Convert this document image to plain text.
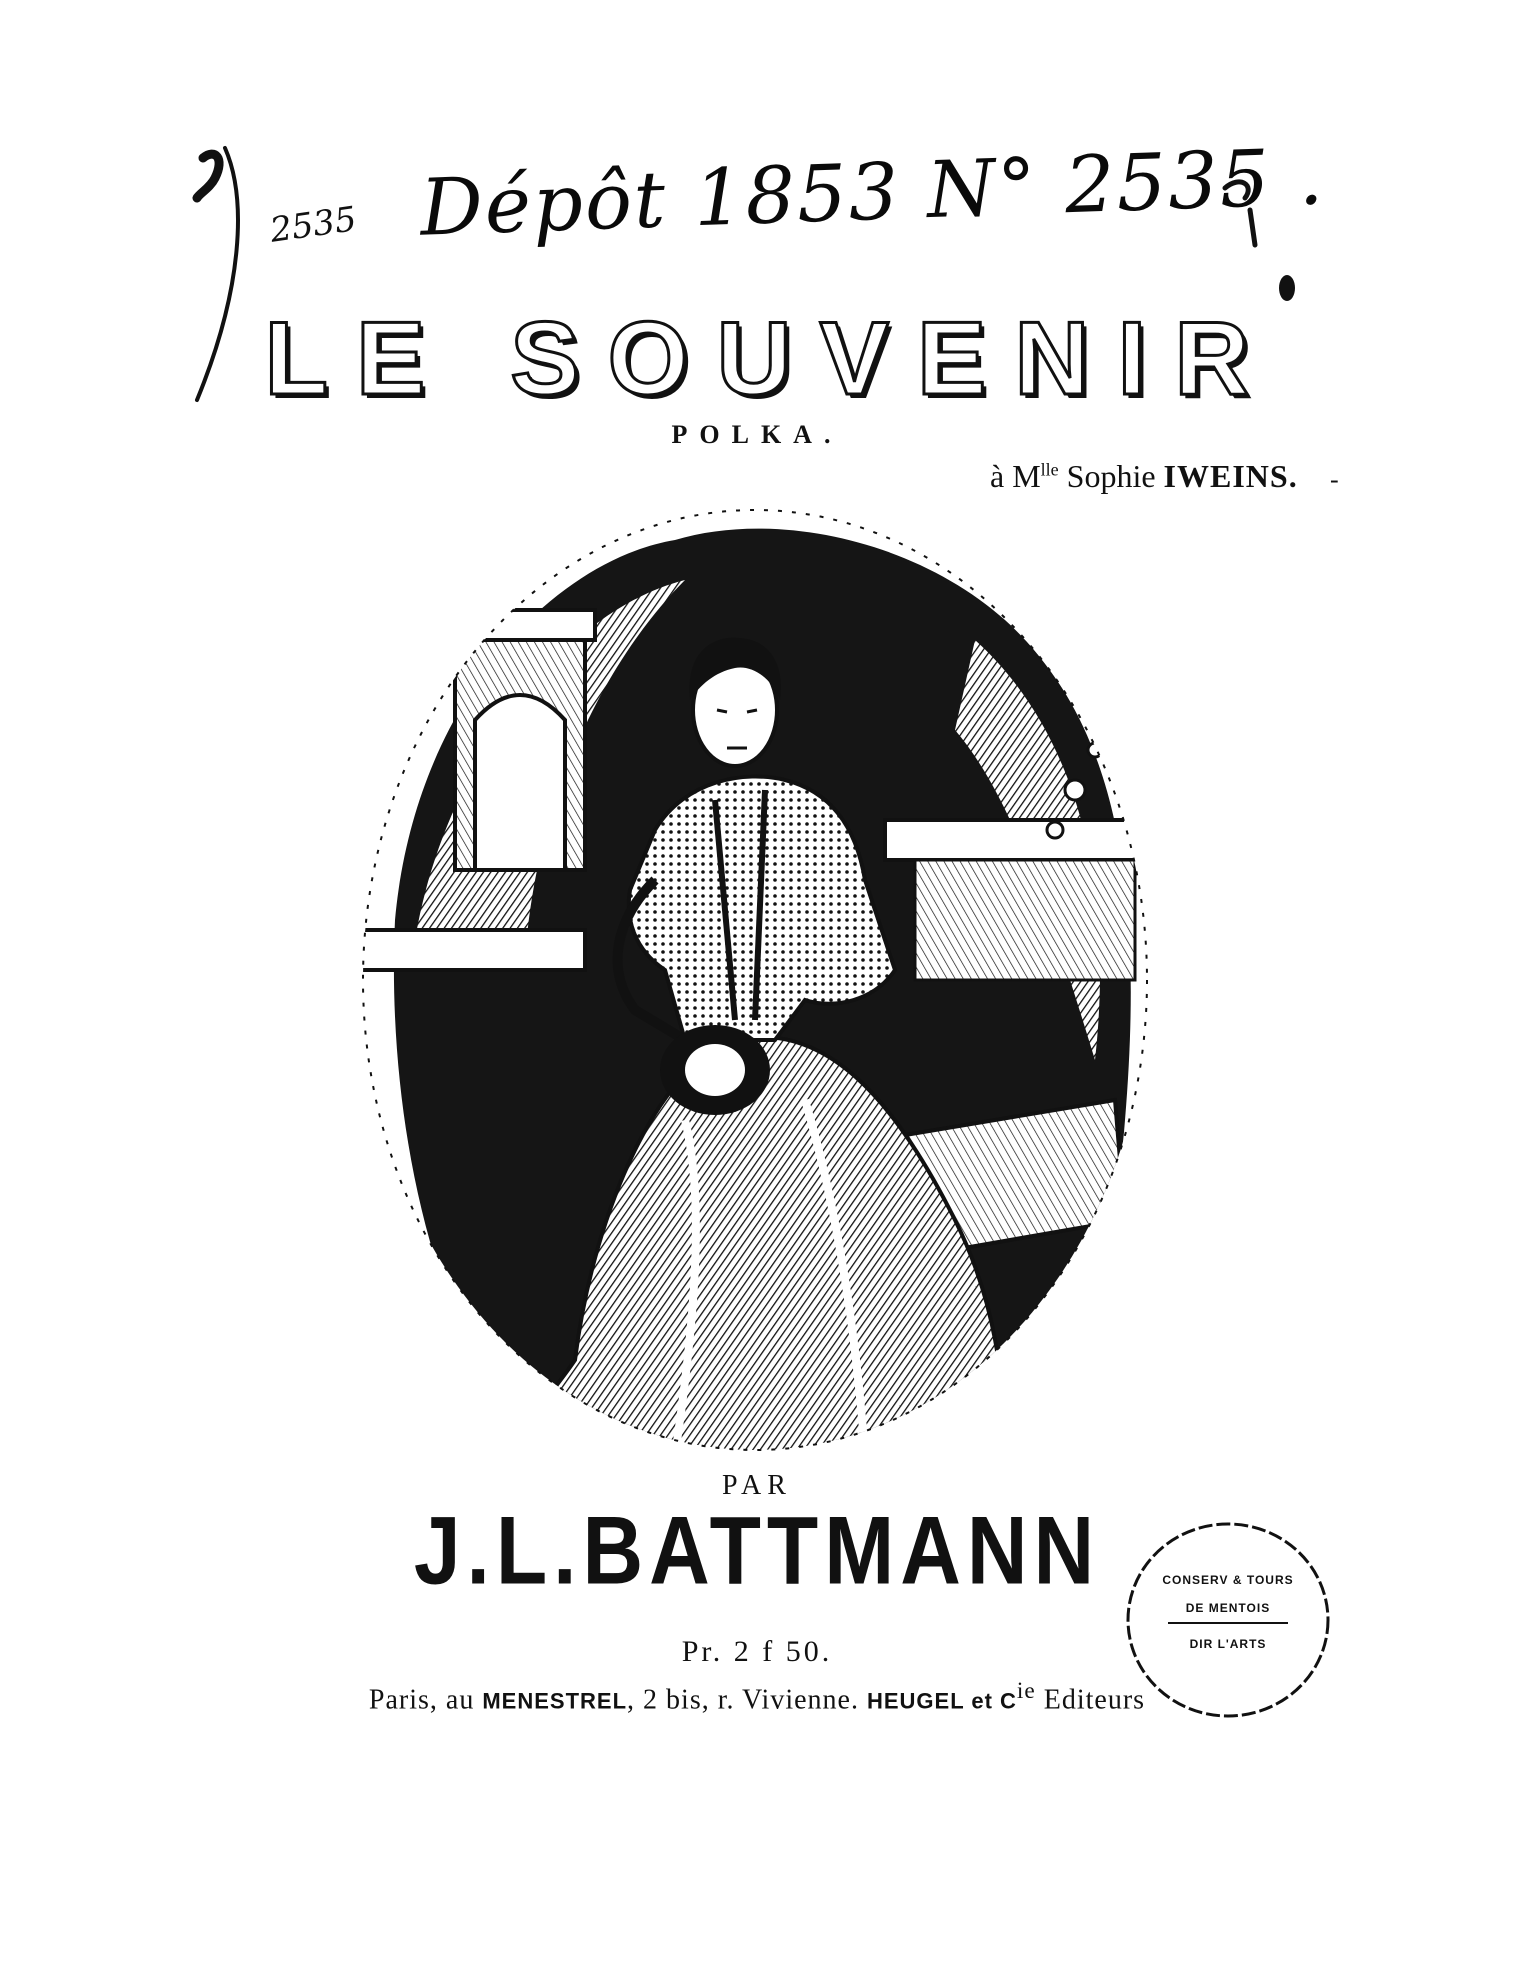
2535 Dépôt 1853 N° 2535 .
LE SOUVENIR
POLKA.
à $M^{lle}$ Sophie IWEINS. -
PAR
J.L.BATTMANN
Pr. 2 f 50.
Paris, au MENESTREL, 2 bis, r. Vivienne. HEUGEL et $C^{ie}$ Editeurs
CONSERV & TOURS
DE MENTOIS
DIR L'ARTS
